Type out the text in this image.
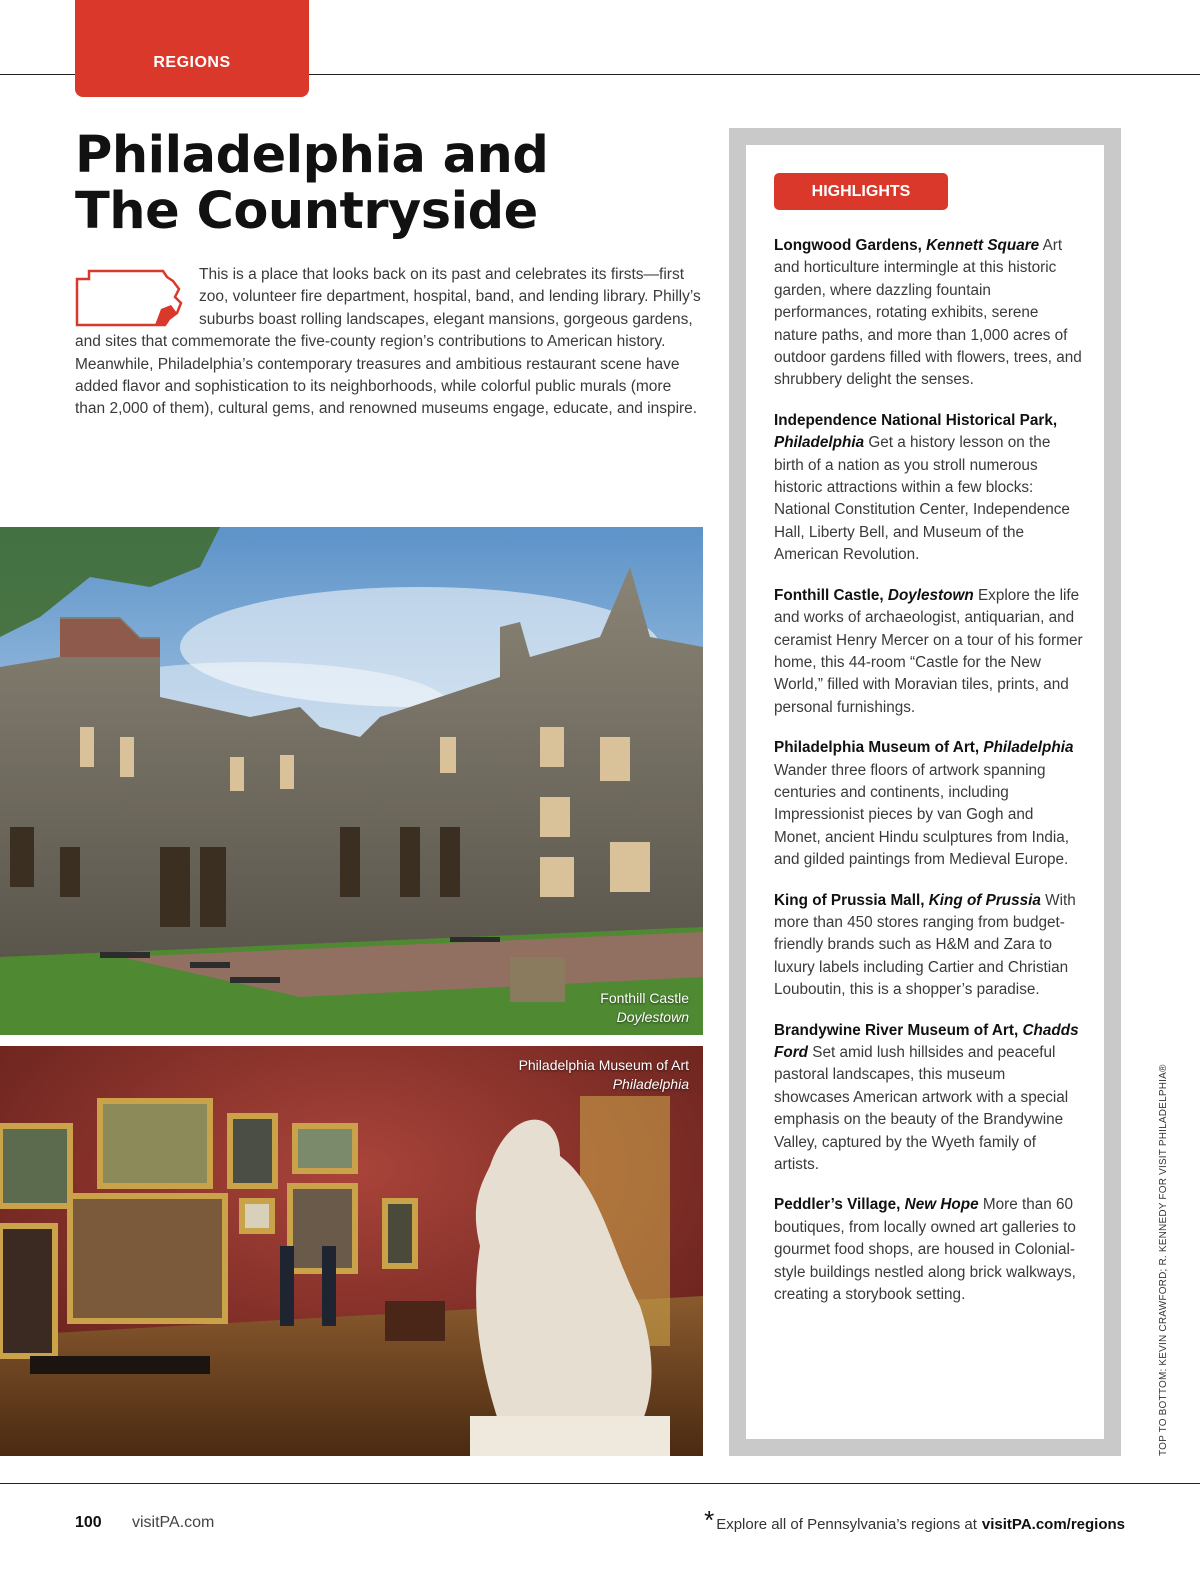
REGIONS
Philadelphia and
The Countryside
This is a place that looks back on its past and celebrates its firsts—first zoo, volunteer fire department, hospital, band, and lending library. Philly’s suburbs boast rolling landscapes, elegant mansions, gorgeous gardens, and sites that commemorate the five-county region’s contributions to American history. Meanwhile, Philadelphia’s contemporary treasures and ambitious restaurant scene have added flavor and sophistication to its neighborhoods, while colorful public murals (more than 2,000 of them), cultural gems, and renowned museums engage, educate, and inspire.
Fonthill Castle
Doylestown
Philadelphia Museum of Art
Philadelphia
HIGHLIGHTS
Longwood Gardens, Kennett Square Art and horticulture intermingle at this historic garden, where dazzling fountain performances, rotating exhibits, serene nature paths, and more than 1,000 acres of outdoor gardens filled with flowers, trees, and shrubbery delight the senses.
Independence National Historical Park, Philadelphia Get a history lesson on the birth of a nation as you stroll numerous historic attractions within a few blocks: National Constitution Center, Independence Hall, Liberty Bell, and Museum of the American Revolution.
Fonthill Castle, Doylestown Explore the life and works of archaeologist, antiquarian, and ceramist Henry Mercer on a tour of his former home, this 44-room “Castle for the New World,” filled with Moravian tiles, prints, and personal furnishings.
Philadelphia Museum of Art, Philadelphia Wander three floors of artwork spanning centuries and continents, including Impressionist pieces by van Gogh and Monet, ancient Hindu sculptures from India, and gilded paintings from Medieval Europe.
King of Prussia Mall, King of Prussia With more than 450 stores ranging from budget-friendly brands such as H&M and Zara to luxury labels including Cartier and Christian Louboutin, this is a shopper’s paradise.
Brandywine River Museum of Art, Chadds Ford Set amid lush hillsides and peaceful pastoral landscapes, this museum showcases American artwork with a special emphasis on the beauty of the Brandywine Valley, captured by the Wyeth family of artists.
Peddler’s Village, New Hope More than 60 boutiques, from locally owned art galleries to gourmet food shops, are housed in Colonial-style buildings nestled along brick walkways, creating a storybook setting.	TOP TO BOTTOM: KEVIN CRAWFORD; R. KENNEDY FOR VISIT PHILADELPHIA®
100 visitPA.com	* Explore all of Pennsylvania’s regions at visitPA.com/regions
